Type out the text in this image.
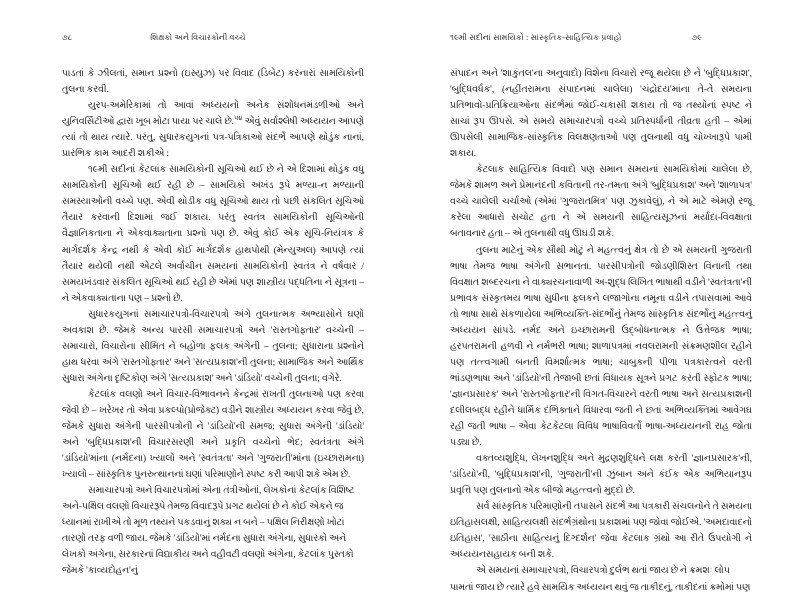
૭૮	શિક્ષકો અને વિચારકોની વચ્ચે

પાડતાં કે ઝીલતાં, સમાન પ્રશ્નો (ઇસ્યુઝ) પર વિવાદ (ડિબેટ) કરનારાં સામયિકોની તુલના કરવી.

યુરપ-અમેરિકામાં તો આવાં અધ્યયનો અનેક સંશોધનમંડળીઓ અને યુનિવર્સિટીઓ દ્વારા ખૂબ મોટા પાયા પર ચાલે છે.$^{૫૪}$ એવું સર્વાશ્લેષી અધ્યયન આપણે ત્યાં તો થાય ત્યારે. પરંતુ, સુધારકયુગનાં પત્ર-પત્રિકાઓ સંદર્ભે આપણે થોડુંક નાનાં, પ્રારંભિક કામ આદરી શકીએ :

૧૯મી સદીનાં કેટલાંક સામયિકોની સૂચિઓ થઈ છે ને એ દિશામાં થોડુંક વધુ સામયિકોની સૂચિઓ થઈ રહી છે – સામયિકો અખંડ રૂપે મળ્યા-ન મળ્યાની સમસ્યાઓની વચ્ચે પણ. એવી થોડીક વધુ સૂચિઓ થાય તો પછી સંકલિત સૂચિઓ તૈયાર કરવાની દિશામાં જઈ શકાય. પરંતુ સ્વતંત્ર સામયિકોની સૂચિઓની વૈજ્ઞાનિકતાના ને એકવાક્યતાના પ્રશ્નો પણ છે. એવું કોઈ એક સૂચિ-નિયંત્રક કે માર્ગદર્શક કેન્દ્ર નથી કે એવી કોઈ માર્ગદર્શક હાથપોથી (મેન્યુઅલ) આપણે ત્યાં તૈયાર થયેલી નથી એટલે અર્વાચીન સમયનાં સામયિકોની સ્વતંત્ર ને વર્ષવાર / સમયખંડવાર સંકલિત સૂચિઓ થઈ રહી છે એમાં પણ શાસ્ત્રીય પદ્ધતિના ને સૂત્રના – ને એકવાક્યતાના પણ – પ્રશ્નો છે.

સુધારકયુગનાં સમાચારપત્રો-વિચારપત્રો અંગે તુલનાત્મક અભ્યાસોને ઘણો અવકાશ છે. જેમકે અન્ય પારસી સમાચારપત્રો અને 'રાસ્તગોફ્તાર' વચ્ચેની – સમાચારો, વિચારોના સીમિત ને બહોળા ફલક અંગેની – તુલના; સુધારાના પ્રશ્નોને હાથ ધરવા અંગે 'રાસ્તગોફ્તાર' અને 'સત્યપ્રકાશ'ની તુલના; સામાજિક અને આર્થિક સુધારા અંગેના દૃષ્ટિકોણ અંગે 'સત્યપ્રકાશ' અને 'ડાંડિયો' વચ્ચેની તુલના; વગેરે.

કેટલાંક વલણો અને વિચાર-વિભાવનને કેન્દ્રમાં રાખતી તુલનાઓ પણ કરવા જેવી છે – ખરેખર તો એવા પ્રકલ્પો(પ્રોજેક્ટ) વડીને શાસ્ત્રીય અધ્યયન કરવા જેવું છે, જેમકે સુધારા અંગેની પારસીપત્રોની ને 'ડાંડિયો'ની સમજ; સુધારા અંગેની 'ડાંડિયો' અને 'બુદ્ધિપ્રકાશ'ની વિચારસરણી અને પ્રકૃતિ વચ્ચેનો ભેદ; સ્વતંત્રતા અંગે 'ડાંડિયો'માંના (નર્મદના) ખ્યાલો અને 'સ્વતંત્રતા' અને 'ગુજરાતી'માંના (ઇચ્છારામના) ખ્યાલો – સાંસ્કૃતિક પુનરુત્થાનનાં ઘણાં પરિમાણોને સ્પષ્ટ કરી આપી શકે એમ છે.

સમાચારપત્રો અને વિચારપત્રોમાં એના તંત્રીઓનાં, લેખકોનાં કેટલાંક વિશિષ્ટ અને-પક્ષિલ વલણો વિચારરૂપે તેમજ વિવાદરૂપે પ્રગટ થયેલાં છે ને કોઈ એકને જ ધ્યાનમાં રાખીએ તો મૂળ તથ્યને પકડવાનું શક્ય ન બને – પક્ષિલ નિરીક્ષણો ખોટાં તારણો તરફ વળી જાય. જેમકે 'ડાંડિયો'માં નર્મદના સુધારા અંગેના, સુધારકો અને લેખકો અંગેના, સરકારનાં વિદ્યાકીય અને વહીવટી વલણો અંગેના, કેટલાંક પુસ્તકો જેમકે 'કાવ્યદોહન'નું

૧૯મી સદીનાં સામયિકો : સાંસ્કૃતિક-સાહિત્યિક પ્રવાહો	૭૯

સંપાદન અને 'શાકુંતલ'ના અનુવાદો) વિશેના વિચારો રજૂ થયેલા છે ને 'બુદ્ધિપ્રકાશ', 'બુદ્ધિવર્ધક', (નહીંતરામના સંપાદનમાં ચાલેલા) 'ચંદ્રોદય'માંના તે-તે સમયના પ્રતિભાવો-પ્રતિક્રિયાઓના સંદર્ભમાં જોઈ-ચકાસી શકાય તો જ તથ્યોનાં સ્પષ્ટ ને સાચાં રૂપ ઊપસે. એ સમયે સમાચારપત્રો વચ્ચે પ્રતિસ્પર્ધાની તીવ્રતા હતી – એમાં ઊપસેલી સામાજિક-સાંસ્કૃતિક વિલક્ષણતાઓ પણ તુલનાથી વધુ ચોખ્ખારૂપે પામી શકાય.

કેટલાક સાહિત્યિક વિવાદો પણ સમાન સમયનાં સામયિકોમાં ચાલેલા છે, જેમકે શામળ અને પ્રેમાનંદની કવિતાની તર-તમતા અંગે 'બુદ્ધિપ્રકાશ' અને 'શાળાપત્ર' વચ્ચે ચાલેલી ચર્ચાઓ (એમાં 'ગુજરાતમિત્ર' પણ ઝુકાવેલું), ને એ માટે એમણે રજૂ કરેલા આધારો સચોટ હતા ને એ સમયની સાહિત્યસૂઝનાં મર્યાદા-વિવક્ષાતા બતાવનાર હતા – એ તુલનાથી વધુ ઊઘડી શકે.

તુલના માટેનું એક સૌથી મોટું ને મહત્ત્વનું ક્ષેત્ર તો છે એ સમયની ગુજરાતી ભાષા તેમજ ભાષા અંગેની સભાનતા. પારસીપત્રોની જોડણીશિસ્ત વિનાની તથા વિવક્ષાત શબ્દરચના ને વાક્યરચનાવાળી અ-શુદ્ધ લિખિત ભાષાથી વડીને 'સ્વતંત્રતા'ની પ્રભાવક સંસ્કૃતમય ભાષા સુધીના ફલકને લજાગોના નમૂના વડીને તપાસવામાં આવે તો ભાષા સાથે સંકળાયેલા અભિવ્યક્તિ-સંદર્ભોનું તેમજ સાંસ્કૃતિક સંદર્ભોનું મહત્ત્વનું અધ્યયન સાંપડે. નર્મદ અને ઇચ્છારામની ઉદ્બોધનાત્મક ને ઉત્તેજક ભાષા; હરપતરામની હળવી ને નર્મભરી ભાષા; શાળાપત્રમાં નવલરામની સંક્રમણશીલ રહીને પણ તત્ત્વગામી બનતી વિમર્શાત્મક ભાષા; ચાબુકની પીળા પત્રકારત્વને વરતી ભાંડણભાષા અને 'ડાંડિયો'ની તેજાબી છતાં વિધાયક સૂત્રને પ્રગટ કરતી સ્ફોટક ભાષા; 'જ્ઞાનપ્રસારક' અને 'રાસ્તગોફ્તાર'ની વિગત-વિચારને વરતી ભાષા અને સત્યપ્રકાશની દલીલબદ્ધ રહીને ધાર્મિક દંભિક્તાને વિધારવા જતી ને છતાં અભિવ્યક્તિમાં આવેગઘ રહી જતી ભાષા – એવા કેટકેટલા વિવિધ ભાષાવિવર્તો ભાષા-અધ્યયનની રાહ જોતા પડ્યા છે.

વક્તવ્યશુદ્ધિ, લેખનશુદ્ધિ અને મુદ્રણશુદ્ધિને લક્ષ કરતી 'જ્ઞાનપ્રસારક'ની, 'ડાંડિયો'ની, 'બુદ્ધિપ્રકાશ'ની, 'ગુજરાતી'ની ઝુંબાન અને કંઈક એક અભિયાનરૂપ પ્રવૃત્તિ પણ તુલનાનો એક બીજો મહત્ત્વનો મુદ્દો છે.

સર્વ સાંસ્કૃતિક પરિમાણોની તપાસને સંદર્ભે આ પત્રકારી સંચલનોને તે સમયના ઇતિહાસલક્ષી, સાહિત્યલક્ષી સંદર્ભગ્રંથોના પ્રકાશમાં પણ જોવા જોઈએ. 'અમદાવાદનો ઇતિહાસ', 'સાઠીના સાહિત્યનું દિગ્દર્શન' જેવા કેટલાક ગ્રંથો આ રીતે ઉપયોગી ને અધ્યયનસહાયક બની શકે.

એ સમયનાં સમાચારપત્રો, વિચારપત્રો દુર્લભ થતાં જાય છે ને ક્રમશઃ લોપ પામતાં જાય છે ત્યારે હવે સામયિક અધ્યયન થવું જ તાકીદનું, તાકીદનાં ક્રમોમાં પણ
